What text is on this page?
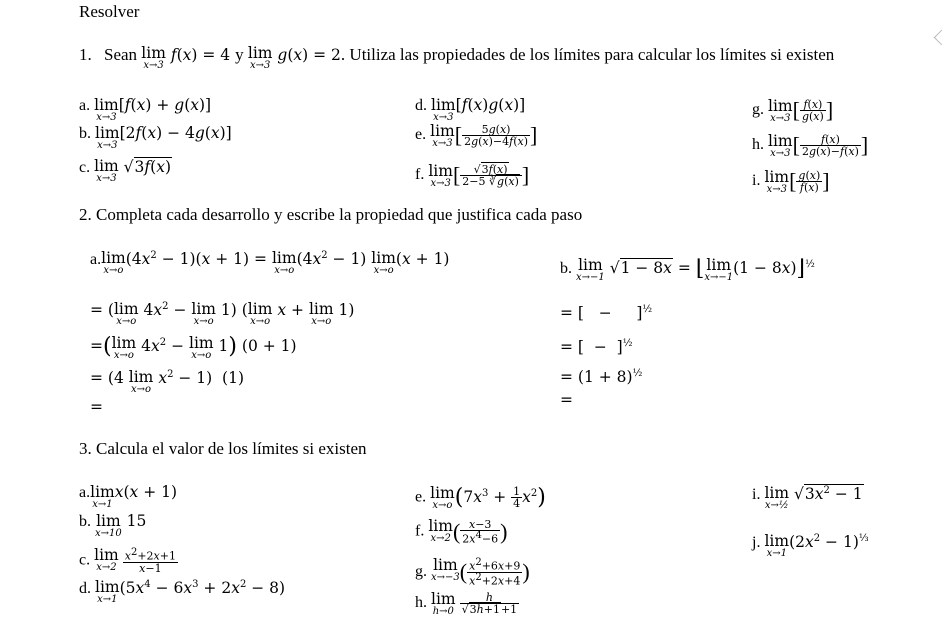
Resolver
1. Sean lim
x→3
f(x) = 4 y lim
x→3
g(x) = 2. Utiliza las propiedades de los límites para calcular los límites si existen
a. lim
x→3
[f(x) + g(x)]
b. lim
x→3
[2f(x) − 4g(x)]
c. lim
x→3
√3f(x)
d. lim
x→3
[f(x)g(x)]
e. lim
x→3 [ $\frac{5g(x)}{2g(x)-4f(x)}$ ]
f. lim
x→3 [ $\frac{√3f(x)}{2-5 ∛g(x)}$ ]
g. lim
x→3 [ $\frac{f(x)}{g(x)}$ ]
h. lim
x→3 [ $\frac{f(x)}{2g(x)-f(x)}$ ]
i. lim
x→3 [ $\frac{g(x)}{f(x)}$ ]
2. Completa cada desarrollo y escribe la propiedad que justifica cada paso
a. lim
x→o
$(4x^2 - 1)(x + 1) = \lim$
x→o
$(4x^2 - 1)$ lim
x→o
(x + 1)
= ( lim
x→o
$4x^2 - \lim$
x→o
1) ( lim
x→o
x + lim
x→o
1)
=( lim
x→o $4x^2 - \lim$
x→o 1) (0 + 1)
= (4 lim
x→o
$x^2 - 1$)  (1)
=
b. lim
x→−1 √1 − 8x = ⌊ lim
x→−1 (1 − 8x)⌋$^{\frac{1}{2}}$
= [   −     ]$^{\frac{1}{2}}$
= [  −  ]$^{\frac{1}{2}}$
= $(1 + 8)^{\frac{1}{2}}$
=
3. Calcula el valor de los límites si existen
a. lim
x→1
x(x + 1)
b. lim
x→10
15
c. lim
x→2
$\frac{x^2+2x+1}{x-1}$
d. lim
x→1
$(5x^4 - 6x^3 + 2x^2 - 8)$
e. lim
x→o $(7x^3 + \frac{1}{4} x^2)$
f. lim
x→2 ( $\frac{x-3}{2x^4-6}$ )
g. lim
x→−3 ( $\frac{x^2+6x+9}{x^2+2x+4}$ )
h. lim
h→0
$\frac{h}{√3h+1+1}$
i. lim
x→½
$√3x^2 - 1$
j. lim
x→1
$(2x^2 - 1)^{\frac{1}{3}}$
